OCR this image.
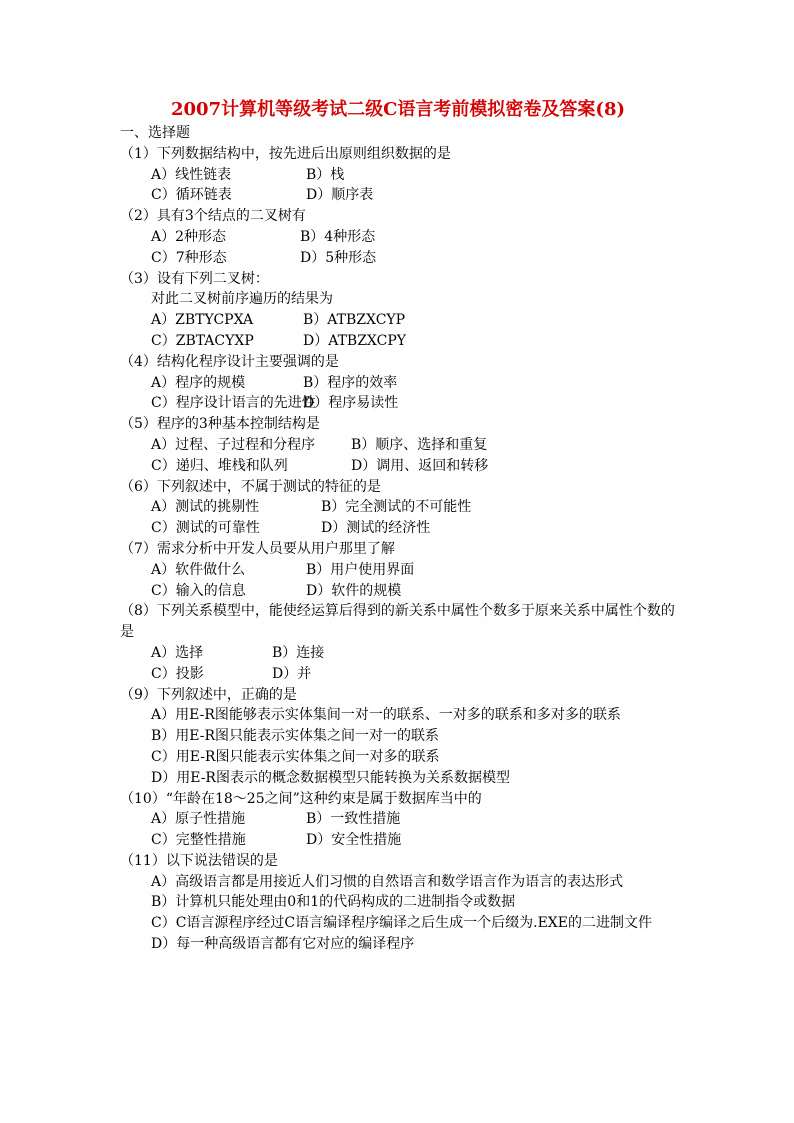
2007计算机等级考试二级C语言考前模拟密卷及答案(8)
一、选择题
（1）下列数据结构中，按先进后出原则组织数据的是
A）线性链表	B）栈
C）循环链表	D）顺序表
（2）具有3个结点的二叉树有
A）2种形态	B）4种形态
C）7种形态	D）5种形态
（3）设有下列二叉树：
对此二叉树前序遍历的结果为
A）ZBTYCPXA	B）ATBZXCYP
C）ZBTACYXP	D）ATBZXCPY
（4）结构化程序设计主要强调的是
A）程序的规模	B）程序的效率
C）程序设计语言的先进性D）程序易读性
（5）程序的3种基本控制结构是
A）过程、子过程和分程序	B）顺序、选择和重复
C）递归、堆栈和队列	D）调用、返回和转移
（6）下列叙述中，不属于测试的特征的是
A）测试的挑剔性	B）完全测试的不可能性
C）测试的可靠性	D）测试的经济性
（7）需求分析中开发人员要从用户那里了解
A）软件做什么	B）用户使用界面
C）输入的信息	D）软件的规模
（8）下列关系模型中，能使经运算后得到的新关系中属性个数多于原来关系中属性个数的是
A）选择	B）连接
C）投影	D）并
（9）下列叙述中，正确的是
A）用E-R图能够表示实体集间一对一的联系、一对多的联系和多对多的联系
B）用E-R图只能表示实体集之间一对一的联系
C）用E-R图只能表示实体集之间一对多的联系
D）用E-R图表示的概念数据模型只能转换为关系数据模型
（10）“年龄在18～25之间”这种约束是属于数据库当中的
A）原子性措施	B）一致性措施
C）完整性措施	D）安全性措施
（11）以下说法错误的是
A）高级语言都是用接近人们习惯的自然语言和数学语言作为语言的表达形式
B）计算机只能处理由0和1的代码构成的二进制指令或数据
C）C语言源程序经过C语言编译程序编译之后生成一个后缀为.EXE的二进制文件
D）每一种高级语言都有它对应的编译程序
